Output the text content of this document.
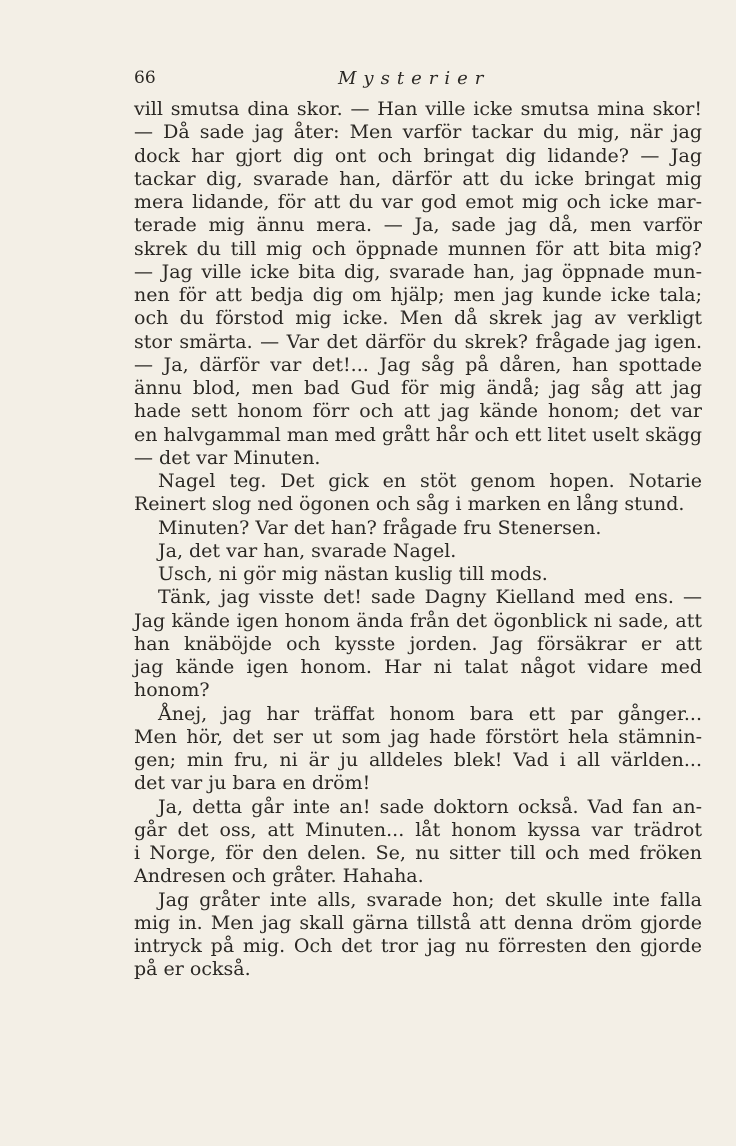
66	Mysterier
vill smutsa dina skor. — Han ville icke smutsa mina skor!
— Då sade jag åter: Men varför tackar du mig, när jag
dock har gjort dig ont och bringat dig lidande? — Jag
tackar dig, svarade han, därför att du icke bringat mig
mera lidande, för att du var god emot mig och icke mar-
terade mig ännu mera. — Ja, sade jag då, men varför
skrek du till mig och öppnade munnen för att bita mig?
— Jag ville icke bita dig, svarade han, jag öppnade mun-
nen för att bedja dig om hjälp; men jag kunde icke tala;
och du förstod mig icke. Men då skrek jag av verkligt
stor smärta. — Var det därför du skrek? frågade jag igen.
— Ja, därför var det!... Jag såg på dåren, han spottade
ännu blod, men bad Gud för mig ändå; jag såg att jag
hade sett honom förr och att jag kände honom; det var
en halvgammal man med grått hår och ett litet uselt skägg
— det var Minuten.
Nagel teg. Det gick en stöt genom hopen. Notarie
Reinert slog ned ögonen och såg i marken en lång stund.
Minuten? Var det han? frågade fru Stenersen.
Ja, det var han, svarade Nagel.
Usch, ni gör mig nästan kuslig till mods.
Tänk, jag visste det! sade Dagny Kielland med ens. —
Jag kände igen honom ända från det ögonblick ni sade, att
han knäböjde och kysste jorden. Jag försäkrar er att
jag kände igen honom. Har ni talat något vidare med
honom?
Ånej, jag har träffat honom bara ett par gånger...
Men hör, det ser ut som jag hade förstört hela stämnin-
gen; min fru, ni är ju alldeles blek! Vad i all världen...
det var ju bara en dröm!
Ja, detta går inte an! sade doktorn också. Vad fan an-
går det oss, att Minuten... låt honom kyssa var trädrot
i Norge, för den delen. Se, nu sitter till och med fröken
Andresen och gråter. Hahaha.
Jag gråter inte alls, svarade hon; det skulle inte falla
mig in. Men jag skall gärna tillstå att denna dröm gjorde
intryck på mig. Och det tror jag nu förresten den gjorde
på er också.
